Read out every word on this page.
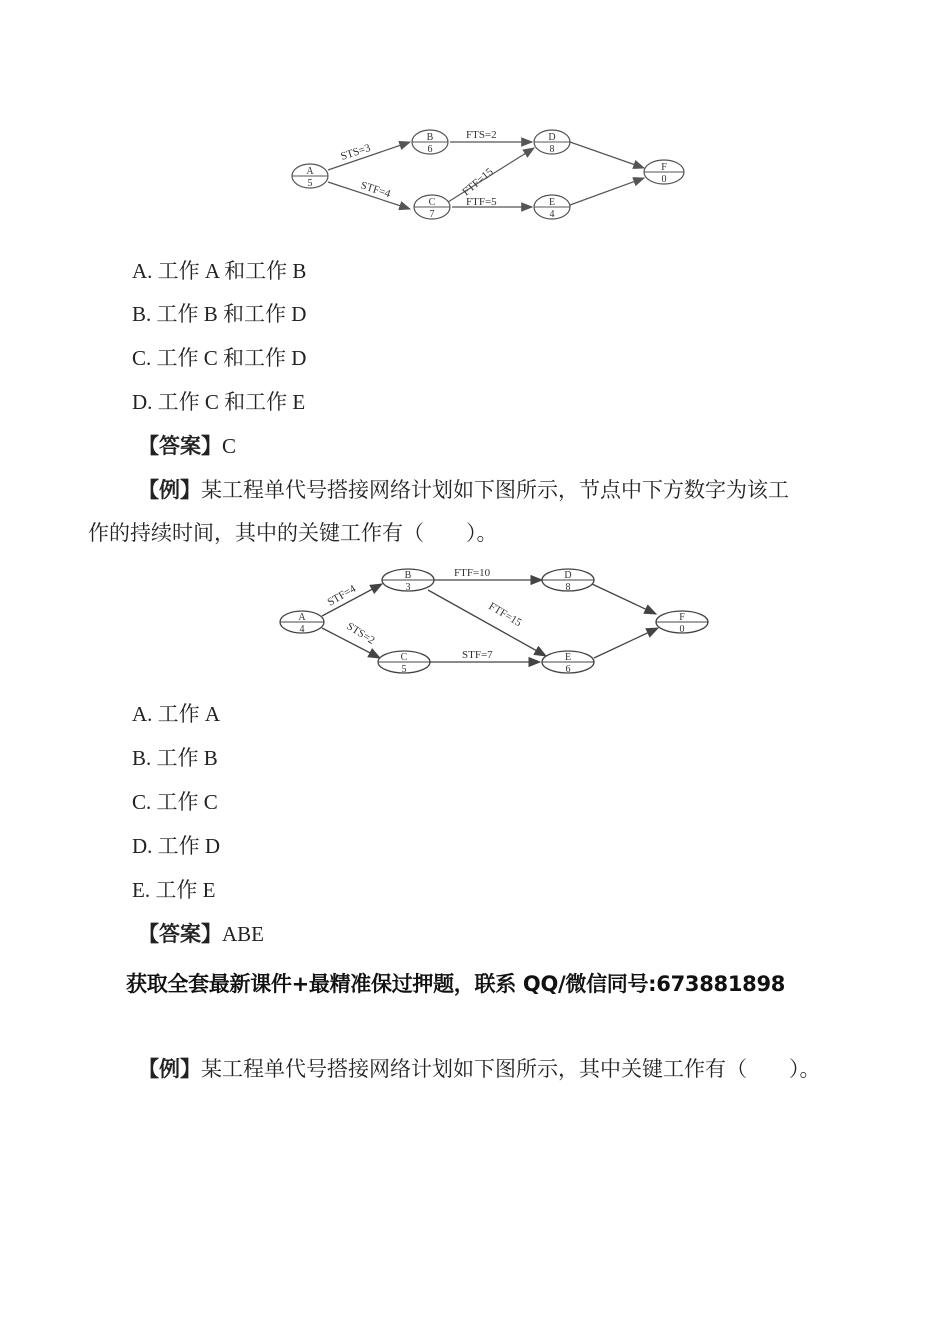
STS=3
STF=4
FTS=2
FTF=15
FTF=5
A
5
B
6
C
7
D
8
E
4
F
0
A. 工作 A 和工作 B
B. 工作 B 和工作 D
C. 工作 C 和工作 D
D. 工作 C 和工作 E
【答案】C
【例】某工程单代号搭接网络计划如下图所示，节点中下方数字为该工
作的持续时间，其中的关键工作有（　　）。
STF=4
STS=2
FTF=10
FTF=15
STF=7
A
4
B
3
C
5
D
8
E
6
F
0
A. 工作 A
B. 工作 B
C. 工作 C
D. 工作 D
E. 工作 E
【答案】ABE
获取全套最新课件+最精准保过押题，联系 QQ/微信同号:673881898
【例】某工程单代号搭接网络计划如下图所示，其中关键工作有（　　）。
